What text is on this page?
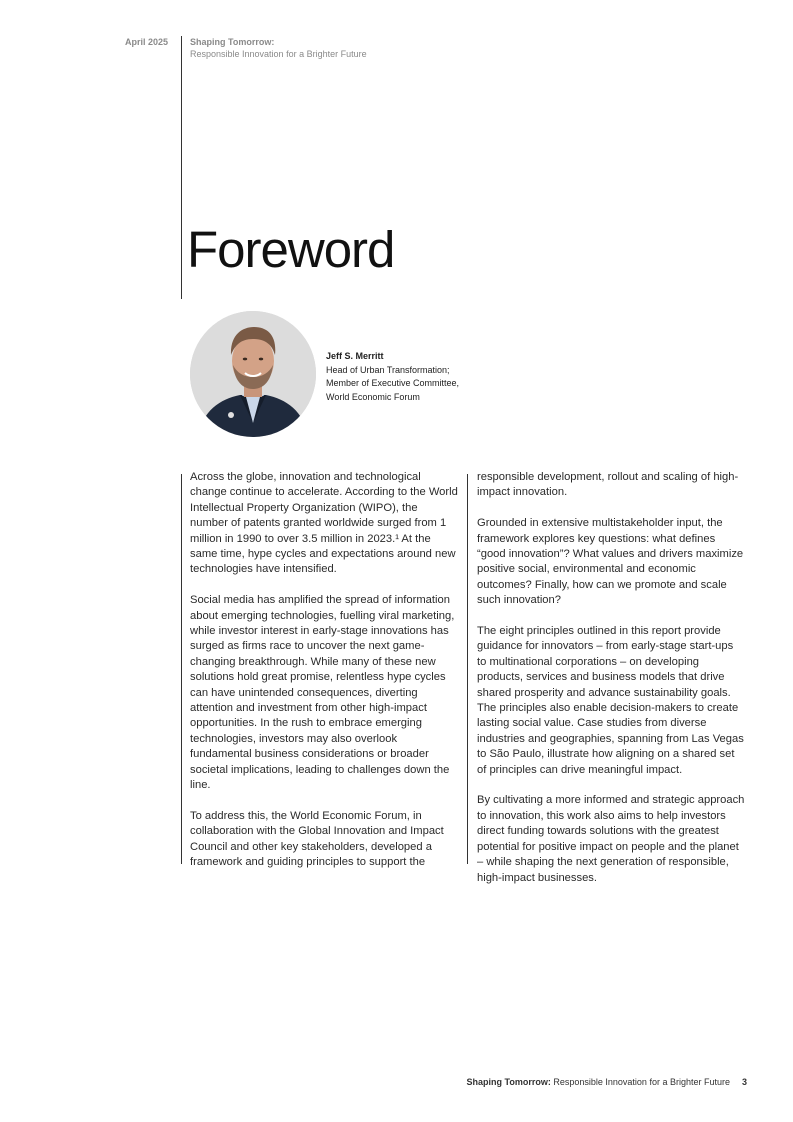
April 2025	Shaping Tomorrow:
Responsible Innovation for a Brighter Future
Foreword
Jeff S. Merritt
Head of Urban Transformation;
Member of Executive Committee,
World Economic Forum

Across the globe, innovation and technological change continue to accelerate. According to the World Intellectual Property Organization (WIPO), the number of patents granted worldwide surged from 1 million in 1990 to over 3.5 million in 2023.¹ At the same time, hype cycles and expectations around new technologies have intensified.

Social media has amplified the spread of information about emerging technologies, fuelling viral marketing, while investor interest in early-stage innovations has surged as firms race to uncover the next game-changing breakthrough. While many of these new solutions hold great promise, relentless hype cycles can have unintended consequences, diverting attention and investment from other high-impact opportunities. In the rush to embrace emerging technologies, investors may also overlook fundamental business considerations or broader societal implications, leading to challenges down the line.

To address this, the World Economic Forum, in collaboration with the Global Innovation and Impact Council and other key stakeholders, developed a framework and guiding principles to support the

responsible development, rollout and scaling of high-impact innovation.

Grounded in extensive multistakeholder input, the framework explores key questions: what defines “good innovation”? What values and drivers maximize positive social, environmental and economic outcomes? Finally, how can we promote and scale such innovation?

The eight principles outlined in this report provide guidance for innovators – from early-stage start-ups to multinational corporations – on developing products, services and business models that drive shared prosperity and advance sustainability goals. The principles also enable decision-makers to create lasting social value. Case studies from diverse industries and geographies, spanning from Las Vegas to São Paulo, illustrate how aligning on a shared set of principles can drive meaningful impact.

By cultivating a more informed and strategic approach to innovation, this work also aims to help investors direct funding towards solutions with the greatest potential for positive impact on people and the planet – while shaping the next generation of responsible, high-impact businesses.

Shaping Tomorrow: Responsible Innovation for a Brighter Future 3
